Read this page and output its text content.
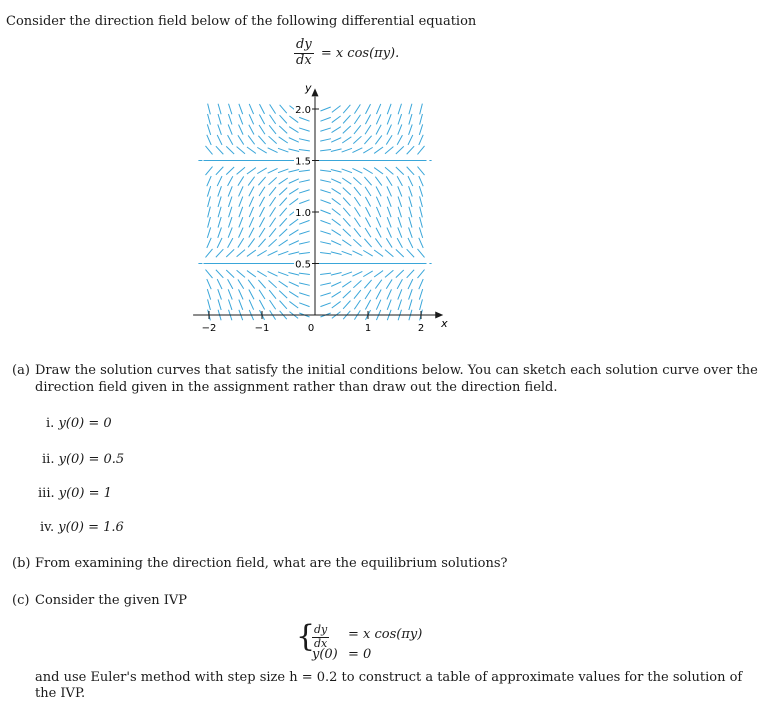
Consider the direction field below of the following differential equation
$\frac{dy}{dx} = x$ cos(πy).
−2	−1	0	1	2
0.5
1.0
1.5
2.0
x
y
(a) Draw the solution curves that satisfy the initial conditions below. You can sketch each solution curve over the
direction field given in the assignment rather than draw out the direction field.
i. y(0) = 0
ii. y(0) = 0.5
iii. y(0) = 1
iv. y(0) = 1.6
(b) From examining the direction field, what are the equilibrium solutions?
(c) Consider the given IVP
{
$\frac{dy}{dx} = x$ cos(πy)
y(0) = 0
and use Euler's method with step size h = 0.2 to construct a table of approximate values for the solution of
the IVP.
